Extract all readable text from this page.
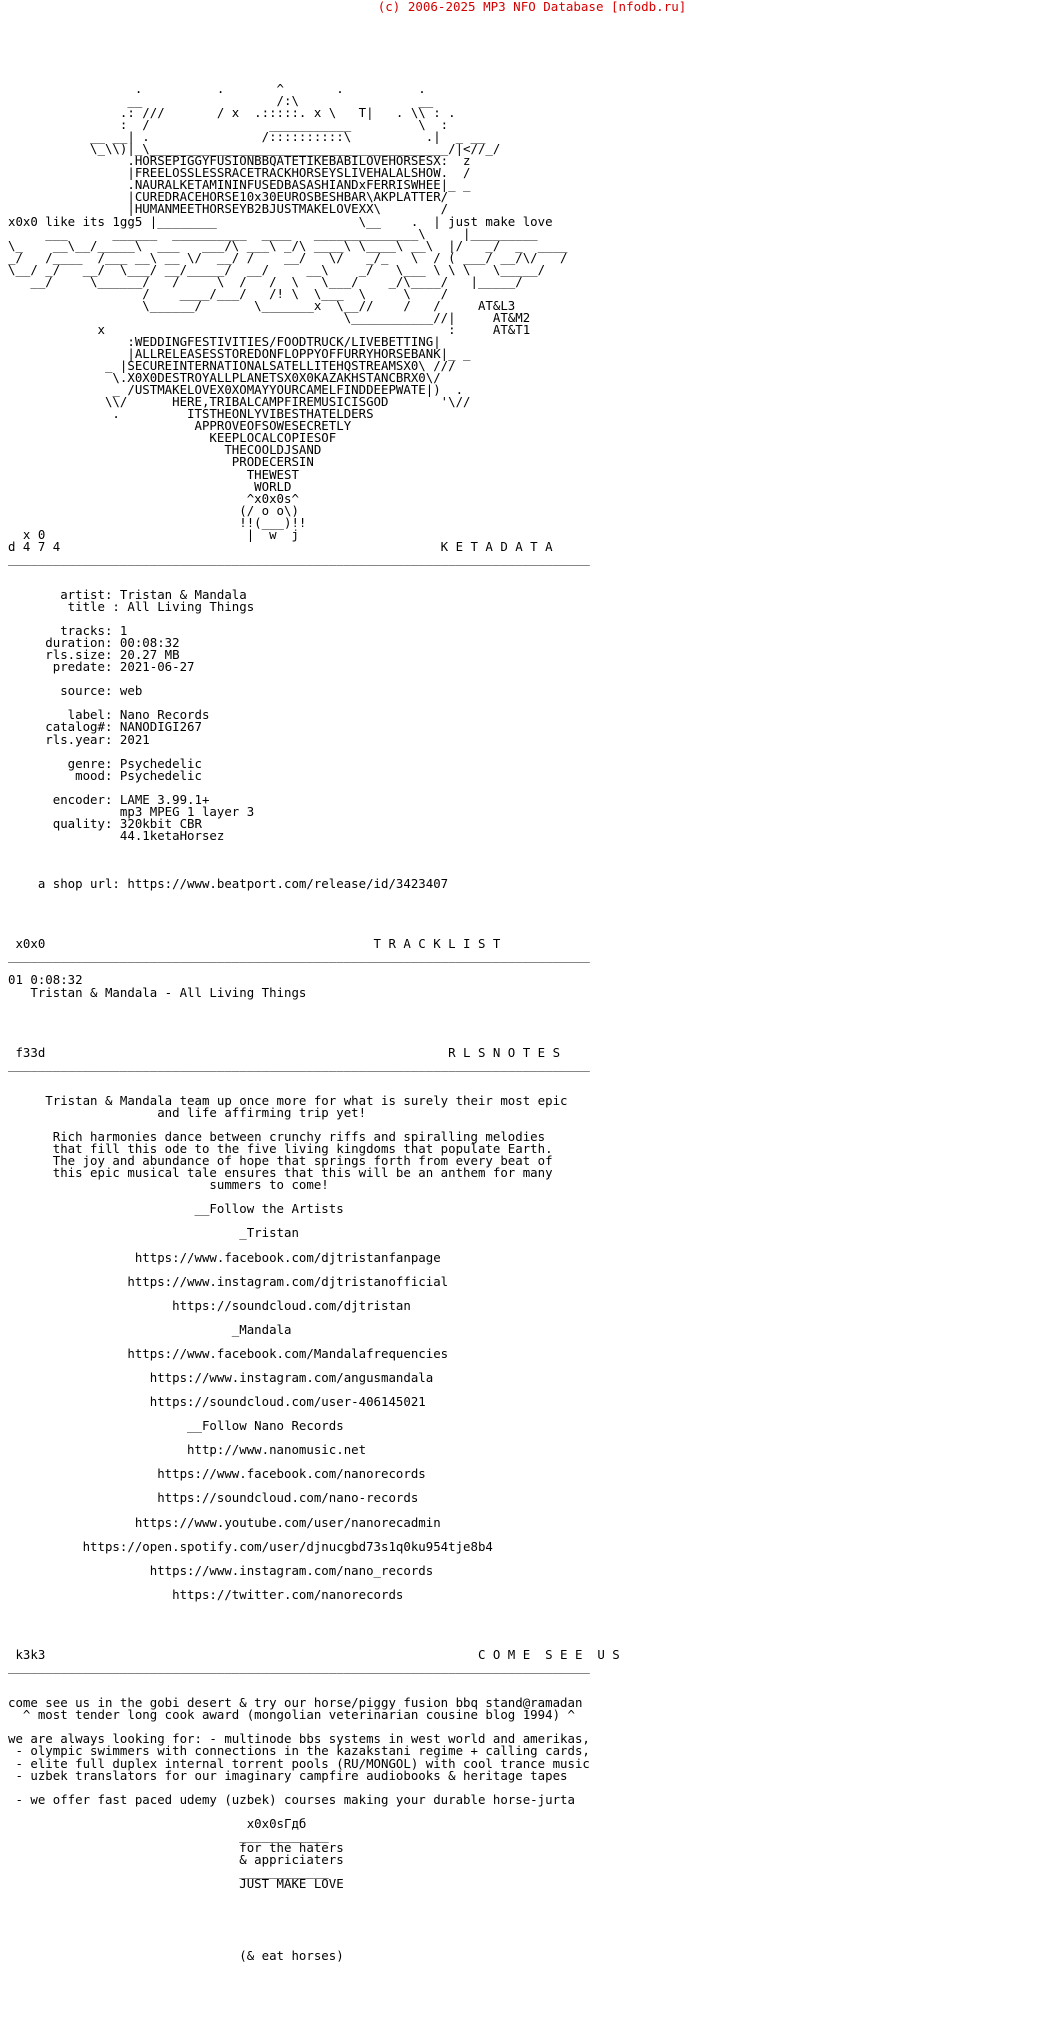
(c) 2006-2025 MP3 NFO Database [nfodb.ru]
.          .       ^       .          .
__                  /:\                __
.: ///       / x  .:::::. x \   T|   . \\ : .
:  /                ___________         \  :
__ __| .               /::::::::::\          .|  _ __
\_\\)|_\________________________________________/|<//_/
.HORSEPIGGYFUSIONBBQATETIKEBABILOVEHORSESX:  z
|FREELOSSLESSRACETRACKHORSEYSLIVEHALALSHOW.  /
.NAURALKETAMININFUSEDBASASHIANDxFERRISWHEE|_ _
|CUREDRACEHORSE10x30EUROSBESHBAR\AKPLATTER/
|HUMANMEETHORSEYB2BJUSTMAKELOVEXX\        /
x0x0 like its 1gg5 |________                   \__    .  | just make love
___      ______  __________  ____   ______________\     |_________
\_    __\__/_____\  ___   ___/\ ___\ _/\ ____\ \____\ __\  |/   _/  _  ____
_/   /____  /___ __\ __ \/  __/ /    __/   \/   _/_   \  / ( ___/ __/\/   /
\__/ _/   __/  \___/ __/_____/  __/     __\    _/   \___ \ \ \   \_____/
__/     \______/   /     \  /   /  \   \___/    _/\____/   |_____/
/    ____/___/   /! \  \___  \     \    /
\______/       \_______x  \__//    /   /     AT&L3
\___________//|     AT&M2
x                                              :     AT&T1
:WEDDINGFESTIVITIES/FOODTRUCK/LIVEBETTING|
|ALLRELEASESSTOREDONFLOPPYOFFURRYHORSEBANK|_ _
_ |SECUREINTERNATIONALSATELLITEHQSTREAMSX0\ ///
\.X0X0DESTROYALLPLANETSX0X0KAZAKHSTANCBRX0\/
_ /USTMAKELOVEX0XOMAYYOURCAMELFINDDEEPWATE|)  .
\\/      HERE,TRIBALCAMPFIREMUSICISGOD       '\//
.         ITSTHEONLYVIBESTHATELDERS
APPROVEOFSOWESECRETLY
KEEPLOCALCOPIESOF
THECOOLDJSAND
PRODECERSIN
THEWEST
WORLD
^x0x0s^
(/ o o\)
!!(___)!!
x 0                           |  w  j
d 4 7 4                                                   K E T A D A T A
______________________________________________________________________________

artist: Tristan & Mandala
title : All Living Things

tracks: 1
duration: 00:08:32
rls.size: 20.27 MB
predate: 2021-06-27

source: web

label: Nano Records
catalog#: NANODIGI267
rls.year: 2021

genre: Psychedelic
mood: Psychedelic

encoder: LAME 3.99.1+
mp3 MPEG 1 layer 3
quality: 320kbit CBR
44.1ketaHorsez

a shop url: https://www.beatport.com/release/id/3423407

x0x0                                            T R A C K L I S T
______________________________________________________________________________

01 0:08:32
Tristan & Mandala - All Living Things

f33d                                                      R L S N O T E S
______________________________________________________________________________

Tristan & Mandala team up once more for what is surely their most epic
and life affirming trip yet!

Rich harmonies dance between crunchy riffs and spiralling melodies
that fill this ode to the five living kingdoms that populate Earth.
The joy and abundance of hope that springs forth from every beat of
this epic musical tale ensures that this will be an anthem for many
summers to come!

__Follow the Artists

_Tristan

https://www.facebook.com/djtristanfanpage

https://www.instagram.com/djtristanofficial

https://soundcloud.com/djtristan

_Mandala

https://www.facebook.com/Mandalafrequencies

https://www.instagram.com/angusmandala

https://soundcloud.com/user-406145021

__Follow Nano Records

http://www.nanomusic.net

https://www.facebook.com/nanorecords

https://soundcloud.com/nano-records

https://www.youtube.com/user/nanorecadmin

https://open.spotify.com/user/djnucgbd73s1q0ku954tje8b4

https://www.instagram.com/nano_records

https://twitter.com/nanorecords

k3k3                                                          C O M E  S E E  U S
______________________________________________________________________________

come see us in the gobi desert & try our horse/piggy fusion bbq stand@ramadan
^ most tender long cook award (mongolian veterinarian cousine blog 1994) ^

we are always looking for: - multinode bbs systems in west world and amerikas,
- olympic swimmers with connections in the kazakstani regime + calling cards,
- elite full duplex internal torrent pools (RU/MONGOL) with cool trance music
- uzbek translators for our imaginary campfire audiobooks & heritage tapes

- we offer fast paced udemy (uzbek) courses making your durable horse-jurta

x0x0sГдб
____________
for the haters
& appriciaters
____________
JUST MAKE LOVE

(& eat horses)
